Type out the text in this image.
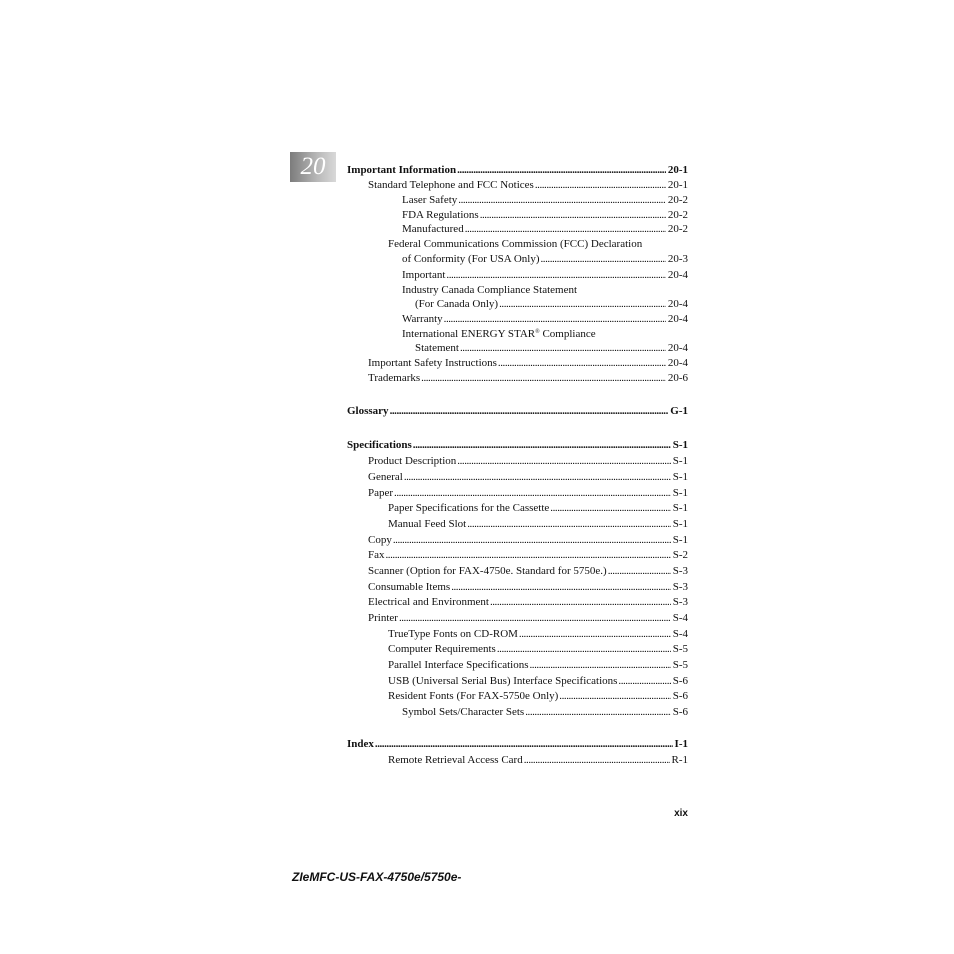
20	Important Information . . .	20-1
Standard Telephone and FCC Notices . . .	20-1
Laser Safety . . .	20-2
FDA Regulations . . .	20-2
Manufactured . . .	20-2
Federal Communications Commission (FCC) Declaration
of Conformity (For USA Only) . . .	20-3
Important . . .	20-4
Industry Canada Compliance Statement
(For Canada Only) . . .	20-4
Warranty . . .	20-4
International ENERGY STAR® Compliance
Statement . . .	20-4
Important Safety Instructions . . .	20-4
Trademarks . . .	20-6
Glossary . . .	G-1
Specifications . . .	S-1
Product Description . . .	S-1
General . . .	S-1
Paper . . .	S-1
Paper Specifications for the Cassette . . .	S-1
Manual Feed Slot . . .	S-1
Copy . . .	S-1
Fax . . .	S-2
Scanner (Option for FAX-4750e. Standard for 5750e.) . . .	S-3
Consumable Items . . .	S-3
Electrical and Environment . . .	S-3
Printer . . .	S-4
TrueType Fonts on CD-ROM . . .	S-4
Computer Requirements . . .	S-5
Parallel Interface Specifications . . .	S-5
USB (Universal Serial Bus) Interface Specifications . . .	S-6
Resident Fonts (For FAX-5750e Only) . . .	S-6
Symbol Sets/Character Sets . . .	S-6
Index . . .	I-1
Remote Retrieval Access Card . . .	R-1
xix
ZIeMFC-US-FAX-4750e/5750e-
